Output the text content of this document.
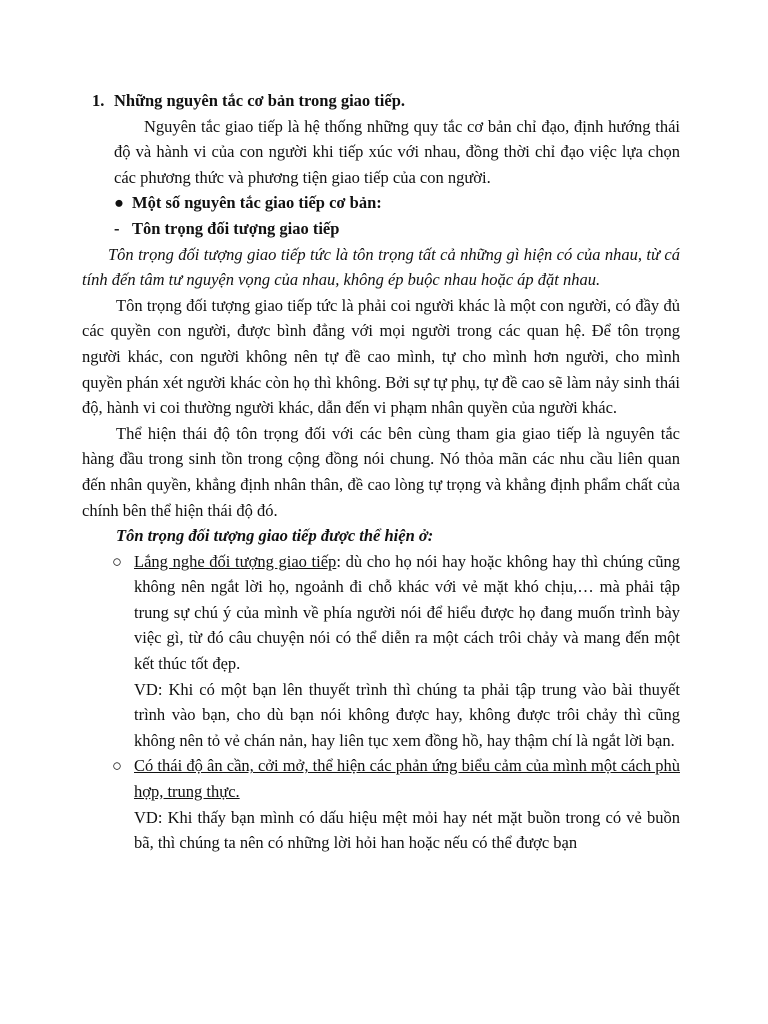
1. Những nguyên tắc cơ bản trong giao tiếp.

Nguyên tắc giao tiếp là hệ thống những quy tắc cơ bản chỉ đạo, định hướng thái độ và hành vi của con người khi tiếp xúc với nhau, đồng thời chỉ đạo việc lựa chọn các phương thức và phương tiện giao tiếp của con người.

● Một số nguyên tắc giao tiếp cơ bản:

- Tôn trọng đối tượng giao tiếp

Tôn trọng đối tượng giao tiếp tức là tôn trọng tất cả những gì hiện có của nhau, từ cá tính đến tâm tư nguyện vọng của nhau, không ép buộc nhau hoặc áp đặt nhau.

Tôn trọng đối tượng giao tiếp tức là phải coi người khác là một con người, có đầy đủ các quyền con người, được bình đẳng với mọi người trong các quan hệ. Để tôn trọng người khác, con người không nên tự đề cao mình, tự cho mình hơn người, cho mình quyền phán xét người khác còn họ thì không. Bởi sự tự phụ, tự đề cao sẽ làm nảy sinh thái độ, hành vi coi thường người khác, dẫn đến vi phạm nhân quyền của người khác.

Thể hiện thái độ tôn trọng đối với các bên cùng tham gia giao tiếp là nguyên tắc hàng đầu trong sinh tồn trong cộng đồng nói chung. Nó thỏa mãn các nhu cầu liên quan đến nhân quyền, khẳng định nhân thân, đề cao lòng tự trọng và khẳng định phẩm chất của chính bên thể hiện thái độ đó.

Tôn trọng đối tượng giao tiếp được thể hiện ở:

○ Lắng nghe đối tượng giao tiếp: dù cho họ nói hay hoặc không hay thì chúng cũng không nên ngắt lời họ, ngoảnh đi chỗ khác với vẻ mặt khó chịu,… mà phải tập trung sự chú ý của mình về phía người nói để hiểu được họ đang muốn trình bày việc gì, từ đó câu chuyện nói có thể diễn ra một cách trôi chảy và mang đến một kết thúc tốt đẹp.

VD: Khi có một bạn lên thuyết trình thì chúng ta phải tập trung vào bài thuyết trình vào bạn, cho dù bạn nói không được hay, không được trôi chảy thì cũng không nên tỏ vẻ chán nản, hay liên tục xem đồng hồ, hay thậm chí là ngắt lời bạn.

○ Có thái độ ân cần, cởi mở, thể hiện các phản ứng biểu cảm của mình một cách phù hợp, trung thực.

VD: Khi thấy bạn mình có dấu hiệu mệt mỏi hay nét mặt buồn trong có vẻ buồn bã, thì chúng ta nên có những lời hỏi han hoặc nếu có thể được bạn
